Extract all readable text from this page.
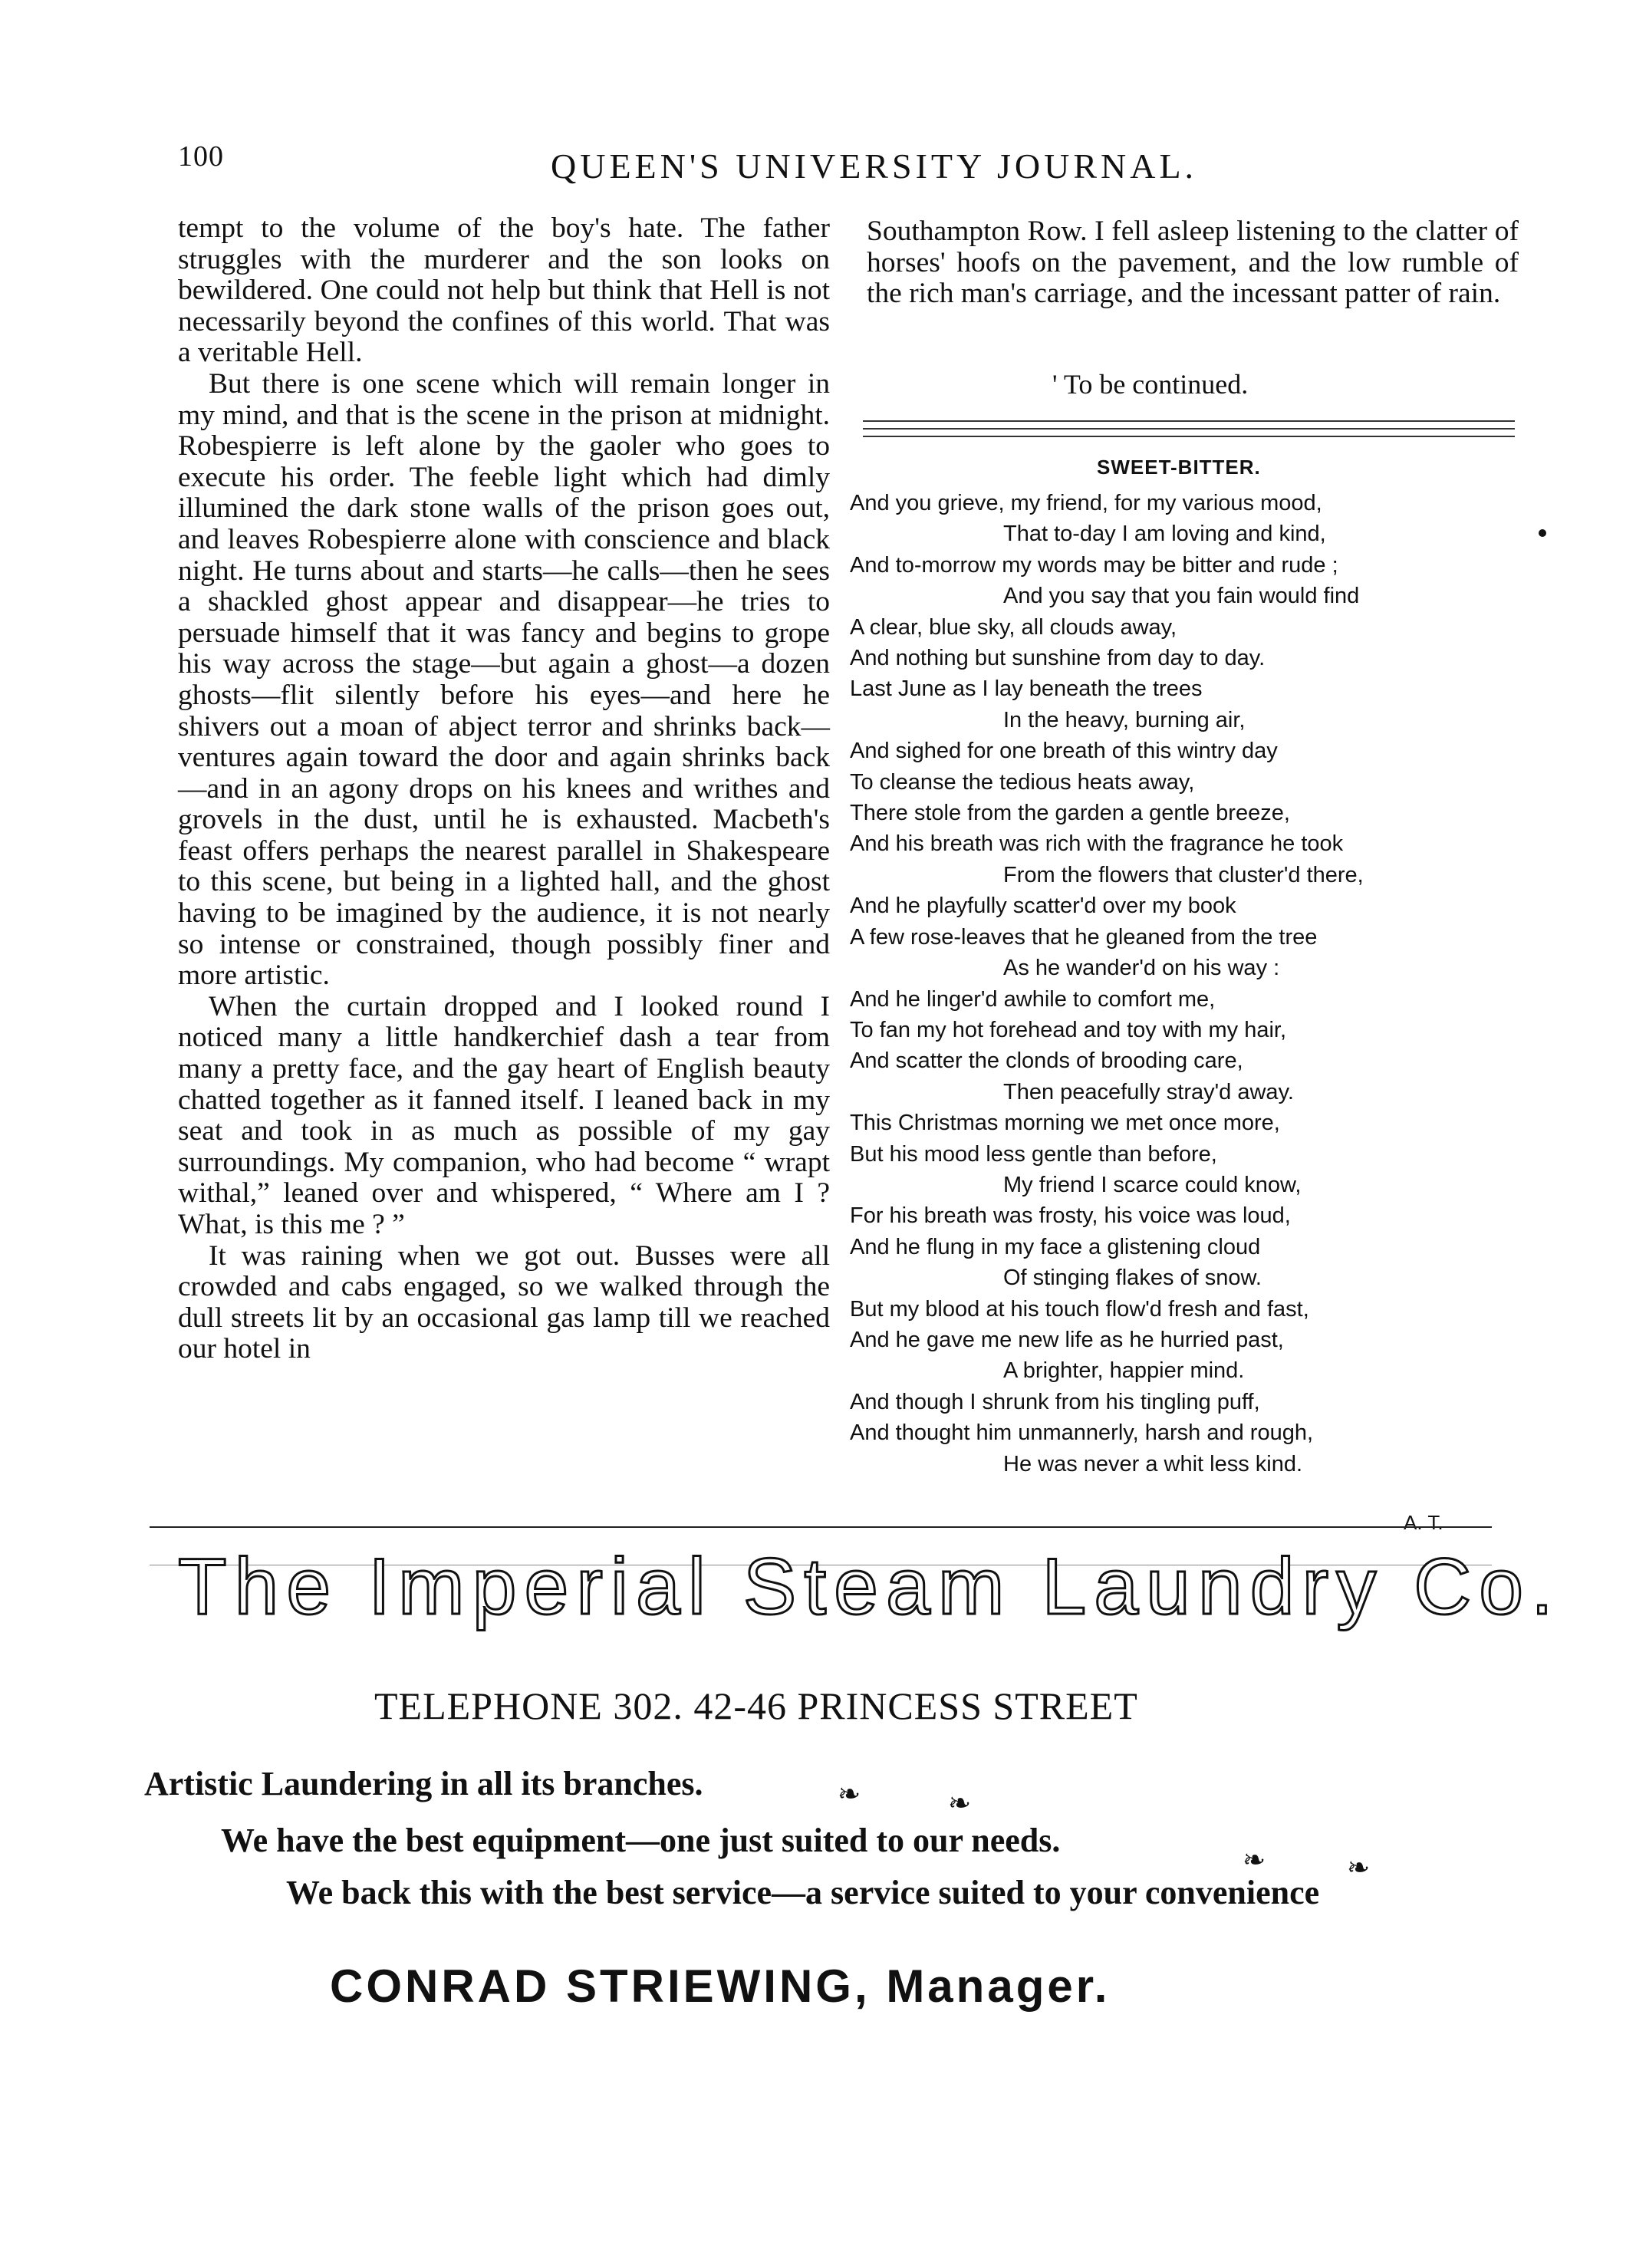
100	QUEEN'S UNIVERSITY JOURNAL.

tempt to the volume of the boy's hate. The father struggles with the murderer and the son looks on bewildered. One could not help but think that Hell is not necessarily beyond the confines of this world. That was a veritable Hell.

But there is one scene which will remain longer in my mind, and that is the scene in the prison at midnight. Robespierre is left alone by the gaoler who goes to execute his order. The feeble light which had dimly illumined the dark stone walls of the prison goes out, and leaves Robespierre alone with conscience and black night. He turns about and starts—he calls—then he sees a shackled ghost appear and disappear—he tries to persuade himself that it was fancy and begins to grope his way across the stage—but again a ghost—a dozen ghosts—flit silently before his eyes—and here he shivers out a moan of abject terror and shrinks back—ventures again toward the door and again shrinks back—and in an agony drops on his knees and writhes and grovels in the dust, until he is exhausted. Macbeth's feast offers perhaps the nearest parallel in Shakespeare to this scene, but being in a lighted hall, and the ghost having to be imagined by the audience, it is not nearly so intense or constrained, though possibly finer and more artistic.

When the curtain dropped and I looked round I noticed many a little handkerchief dash a tear from many a pretty face, and the gay heart of English beauty chatted together as it fanned itself. I leaned back in my seat and took in as much as possible of my gay surroundings. My companion, who had become “ wrapt withal,” leaned over and whispered, “ Where am I ? What, is this me ? ”

It was raining when we got out. Busses were all crowded and cabs engaged, so we walked through the dull streets lit by an occasional gas lamp till we reached our hotel in

Southampton Row. I fell asleep listening to the clatter of horses' hoofs on the pavement, and the low rumble of the rich man's carriage, and the incessant patter of rain.
' To be continued.
SWEET-BITTER.
And you grieve, my friend, for my various mood,
That to-day I am loving and kind,
And to-morrow my words may be bitter and rude ;
And you say that you fain would find
A clear, blue sky, all clouds away,
And nothing but sunshine from day to day.
Last June as I lay beneath the trees
In the heavy, burning air,
And sighed for one breath of this wintry day
To cleanse the tedious heats away,
There stole from the garden a gentle breeze,
And his breath was rich with the fragrance he took
From the flowers that cluster'd there,
And he playfully scatter'd over my book
A few rose-leaves that he gleaned from the tree
As he wander'd on his way :
And he linger'd awhile to comfort me,
To fan my hot forehead and toy with my hair,
And scatter the clonds of brooding care,
Then peacefully stray'd away.
This Christmas morning we met once more,
But his mood less gentle than before,
My friend I scarce could know,
For his breath was frosty, his voice was loud,
And he flung in my face a glistening cloud
Of stinging flakes of snow.
But my blood at his touch flow'd fresh and fast,
And he gave me new life as he hurried past,
A brighter, happier mind.
And though I shrunk from his tingling puff,
And thought him unmannerly, harsh and rough,
He was never a whit less kind.
A. T.
The Imperial Steam Laundry Co.
TELEPHONE 302. 42-46 PRINCESS STREET
Artistic Laundering in all its branches.	❧	❧
We have the best equipment—one just suited to our needs.
❧	❧
We back this with the best service—a service suited to your convenience
CONRAD STRIEWING, Manager.
